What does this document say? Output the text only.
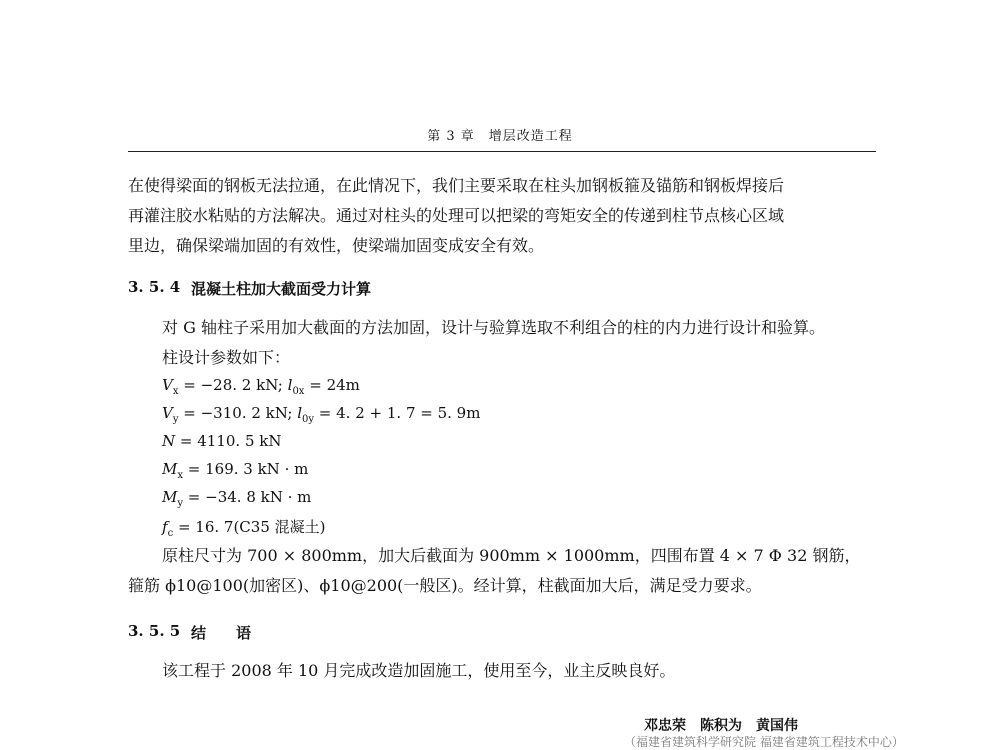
第 3 章　增层改造工程
在使得梁面的钢板无法拉通，在此情况下，我们主要采取在柱头加钢板箍及锚筋和钢板焊接后
再灌注胶水粘贴的方法解决。通过对柱头的处理可以把梁的弯矩安全的传递到柱节点核心区域
里边，确保梁端加固的有效性，使梁端加固变成安全有效。
3. 5. 4 混凝土柱加大截面受力计算
对 G 轴柱子采用加大截面的方法加固，设计与验算选取不利组合的柱的内力进行设计和验算。
柱设计参数如下：
$V_x = -28$. 2 kN; $l_{0x} = 24m$
$V_y = -310$. 2 kN; $l_{0y} = 4$. 2 + 1. 7 = 5. 9m
N = 4110. 5 kN
$M_x = 169$. 3 kN · m
$M_y = -34$. 8 kN · m
$f_c = 16$. 7(C35 混凝土)
原柱尺寸为 700 × 800mm，加大后截面为 900mm × 1000mm，四围布置 4 × 7 Φ 32 钢筋，
箍筋 ϕ10@100(加密区)、ϕ10@200(一般区)。经计算，柱截面加大后，满足受力要求。
3. 5. 5 结　　语
该工程于 2008 年 10 月完成改造加固施工，使用至今，业主反映良好。
邓忠荣　陈积为　黄国伟
（福建省建筑科学研究院 福建省建筑工程技术中心）
